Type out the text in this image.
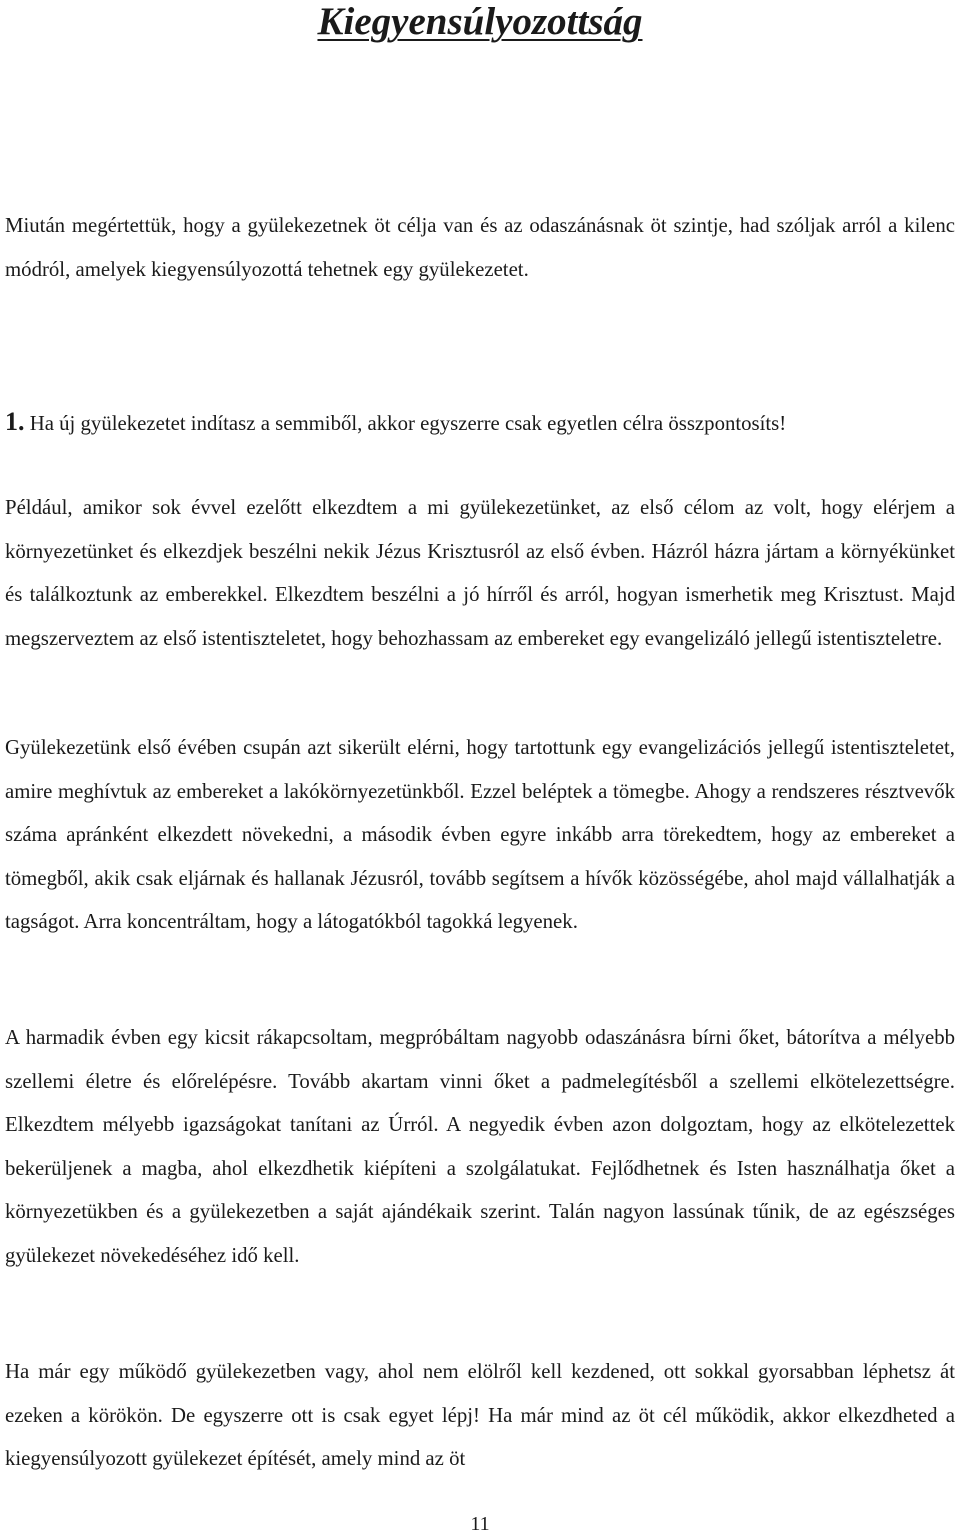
Kiegyensúlyozottság

Miután megértettük, hogy a gyülekezetnek öt célja van és az odaszánásnak öt szintje, had szóljak arról a kilenc módról, amelyek kiegyensúlyozottá tehetnek egy gyülekezetet.

1. Ha új gyülekezetet indítasz a semmiből, akkor egyszerre csak egyetlen célra összpontosíts!

Például, amikor sok évvel ezelőtt elkezdtem a mi gyülekezetünket, az első célom az volt, hogy elérjem a környezetünket és elkezdjek beszélni nekik Jézus Krisztusról az első évben. Házról házra jártam a környékünket és találkoztunk az emberekkel. Elkezdtem beszélni a jó hírről és arról, hogyan ismerhetik meg Krisztust. Majd megszerveztem az első istentiszteletet, hogy behozhassam az embereket egy evangelizáló jellegű istentiszteletre.

Gyülekezetünk első évében csupán azt sikerült elérni, hogy tartottunk egy evangelizációs jellegű istentiszteletet, amire meghívtuk az embereket a lakókörnyezetünkből. Ezzel beléptek a tömegbe. Ahogy a rendszeres résztvevők száma apránként elkezdett növekedni, a második évben egyre inkább arra törekedtem, hogy az embereket a tömegből, akik csak eljárnak és hallanak Jézusról, tovább segítsem a hívők közösségébe, ahol majd vállalhatják a tagságot. Arra koncentráltam, hogy a látogatókból tagokká legyenek.

A harmadik évben egy kicsit rákapcsoltam, megpróbáltam nagyobb odaszánásra bírni őket, bátorítva a mélyebb szellemi életre és előrelépésre. Tovább akartam vinni őket a padmelegítésből a szellemi elkötelezettségre. Elkezdtem mélyebb igazságokat tanítani az Úrról. A negyedik évben azon dolgoztam, hogy az elkötelezettek bekerüljenek a magba, ahol elkezdhetik kiépíteni a szolgálatukat. Fejlődhetnek és Isten használhatja őket a környezetükben és a gyülekezetben a saját ajándékaik szerint. Talán nagyon lassúnak tűnik, de az egészséges gyülekezet növekedéséhez idő kell.

Ha már egy működő gyülekezetben vagy, ahol nem elölről kell kezdened, ott sokkal gyorsabban léphetsz át ezeken a körökön. De egyszerre ott is csak egyet lépj! Ha már mind az öt cél működik, akkor elkezdheted a kiegyensúlyozott gyülekezet építését, amely mind az öt

11
